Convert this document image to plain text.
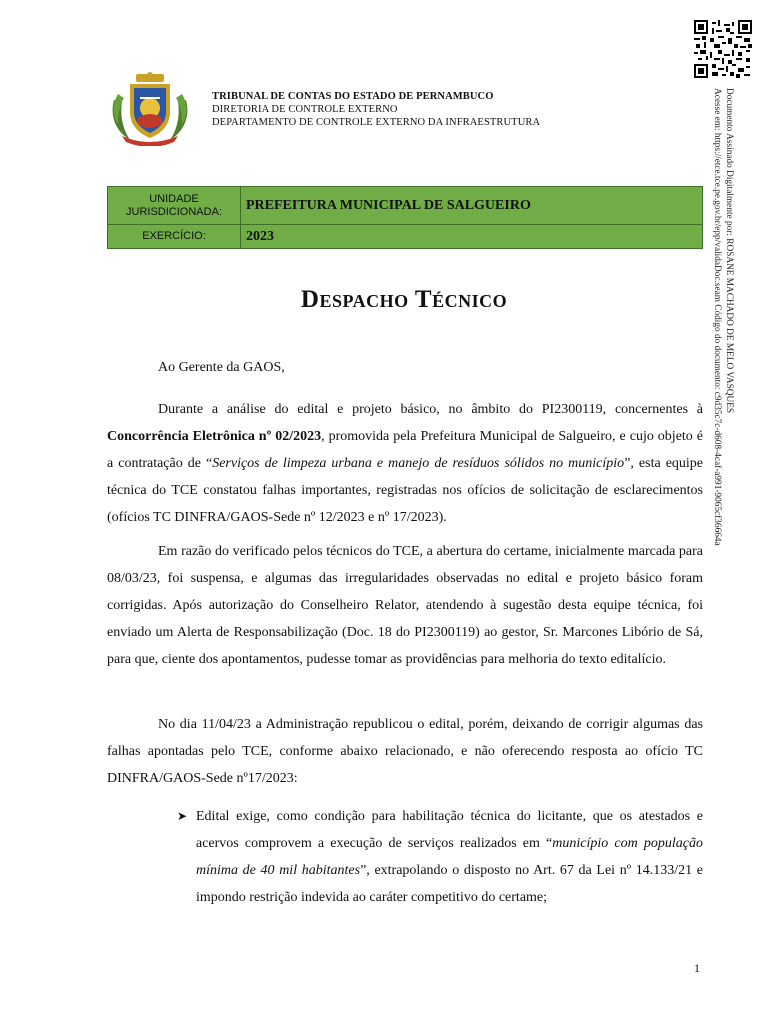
TRIBUNAL DE CONTAS DO ESTADO DE PERNAMBUCO
DIRETORIA DE CONTROLE EXTERNO
DEPARTAMENTO DE CONTROLE EXTERNO DA INFRAESTRUTURA	Documento Assinado Digitalmente por: ROSANE MACHADO DE MELO VASQUES
Acesse em: https://etce.tce.pe.gov.br/epp/validaDoc.seam Código do documento: c9d35c7c-d608-4caf-a991-9065cf36664a
UNIDADE
JURISDICIONADA:	PREFEITURA MUNICIPAL DE SALGUEIRO
EXERCÍCIO:	2023
Despacho Técnico

Ao Gerente da GAOS,

Durante a análise do edital e projeto básico, no âmbito do PI2300119, concernentes à Concorrência Eletrônica nº 02/2023, promovida pela Prefeitura Municipal de Salgueiro, e cujo objeto é a contratação de “Serviços de limpeza urbana e manejo de resíduos sólidos no município”, esta equipe técnica do TCE constatou falhas importantes, registradas nos ofícios de solicitação de esclarecimentos (ofícios TC DINFRA/GAOS-Sede nº 12/2023 e nº 17/2023).

Em razão do verificado pelos técnicos do TCE, a abertura do certame, inicialmente marcada para 08/03/23, foi suspensa, e algumas das irregularidades observadas no edital e projeto básico foram corrigidas. Após autorização do Conselheiro Relator, atendendo à sugestão desta equipe técnica, foi enviado um Alerta de Responsabilização (Doc. 18 do PI2300119) ao gestor, Sr. Marcones Libório de Sá, para que, ciente dos apontamentos, pudesse tomar as providências para melhoria do texto editalício.

No dia 11/04/23 a Administração republicou o edital, porém, deixando de corrigir algumas das falhas apontadas pelo TCE, conforme abaixo relacionado, e não oferecendo resposta ao ofício TC DINFRA/GAOS-Sede nº17/2023:

➤ Edital exige, como condição para habilitação técnica do licitante, que os atestados e acervos comprovem a execução de serviços realizados em “município com população mínima de 40 mil habitantes”, extrapolando o disposto no Art. 67 da Lei nº 14.133/21 e impondo restrição indevida ao caráter competitivo do certame;

1
